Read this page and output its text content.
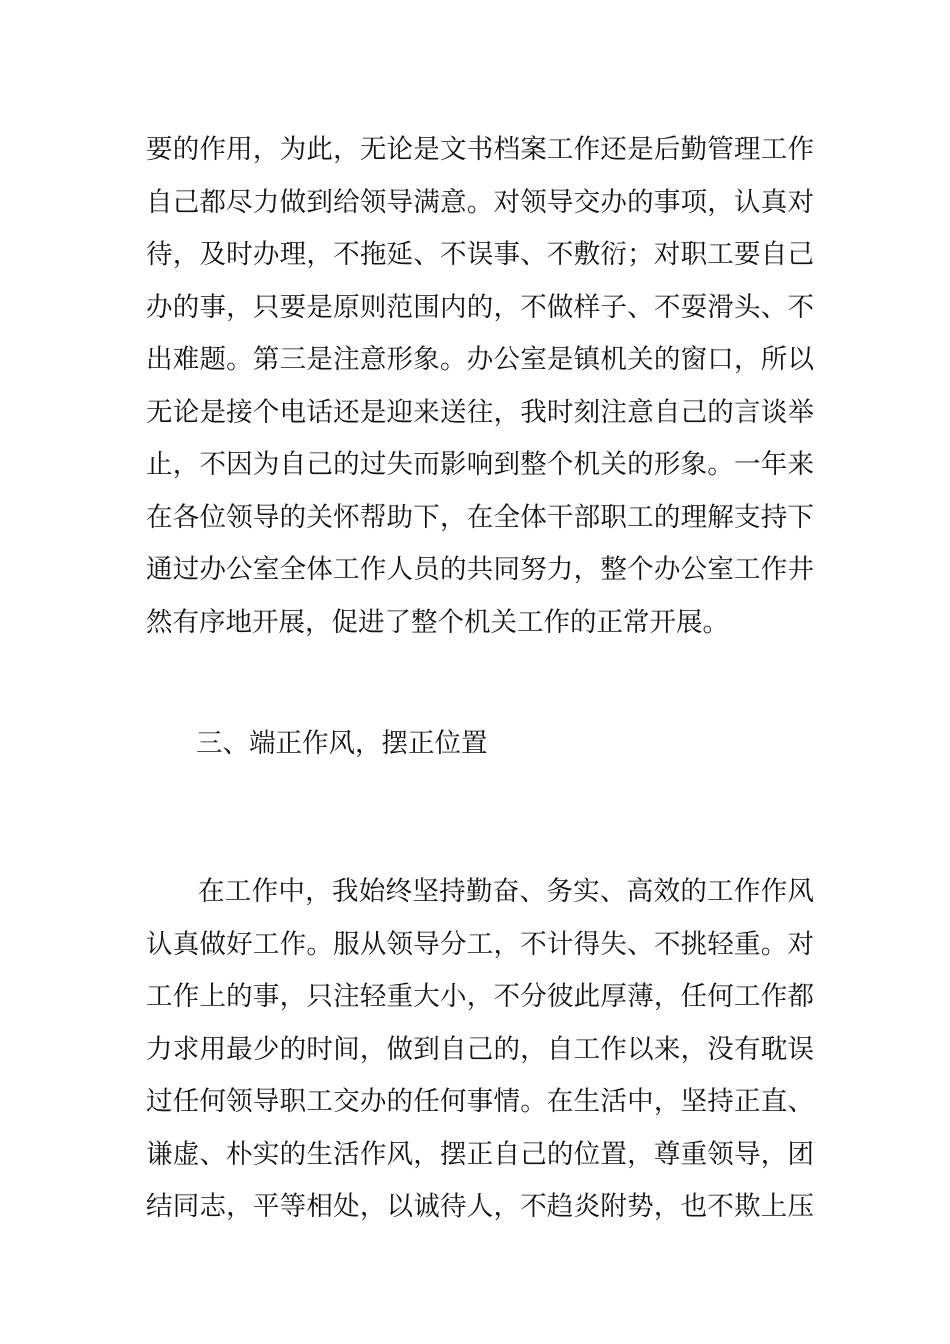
要的作用，为此，无论是文书档案工作还是后勤管理工作
自己都尽力做到给领导满意。对领导交办的事项，认真对
待，及时办理，不拖延、不误事、不敷衍；对职工要自己
办的事，只要是原则范围内的，不做样子、不耍滑头、不
出难题。第三是注意形象。办公室是镇机关的窗口，所以
无论是接个电话还是迎来送往，我时刻注意自己的言谈举
止，不因为自己的过失而影响到整个机关的形象。一年来
在各位领导的关怀帮助下，在全体干部职工的理解支持下
通过办公室全体工作人员的共同努力，整个办公室工作井
然有序地开展，促进了整个机关工作的正常开展。
三、端正作风，摆正位置
在工作中，我始终坚持勤奋、务实、高效的工作作风
认真做好工作。服从领导分工，不计得失、不挑轻重。对
工作上的事，只注轻重大小，不分彼此厚薄，任何工作都
力求用最少的时间，做到自己的，自工作以来，没有耽误
过任何领导职工交办的任何事情。在生活中，坚持正直、
谦虚、朴实的生活作风，摆正自己的位置，尊重领导，团
结同志，平等相处，以诚待人，不趋炎附势，也不欺上压
